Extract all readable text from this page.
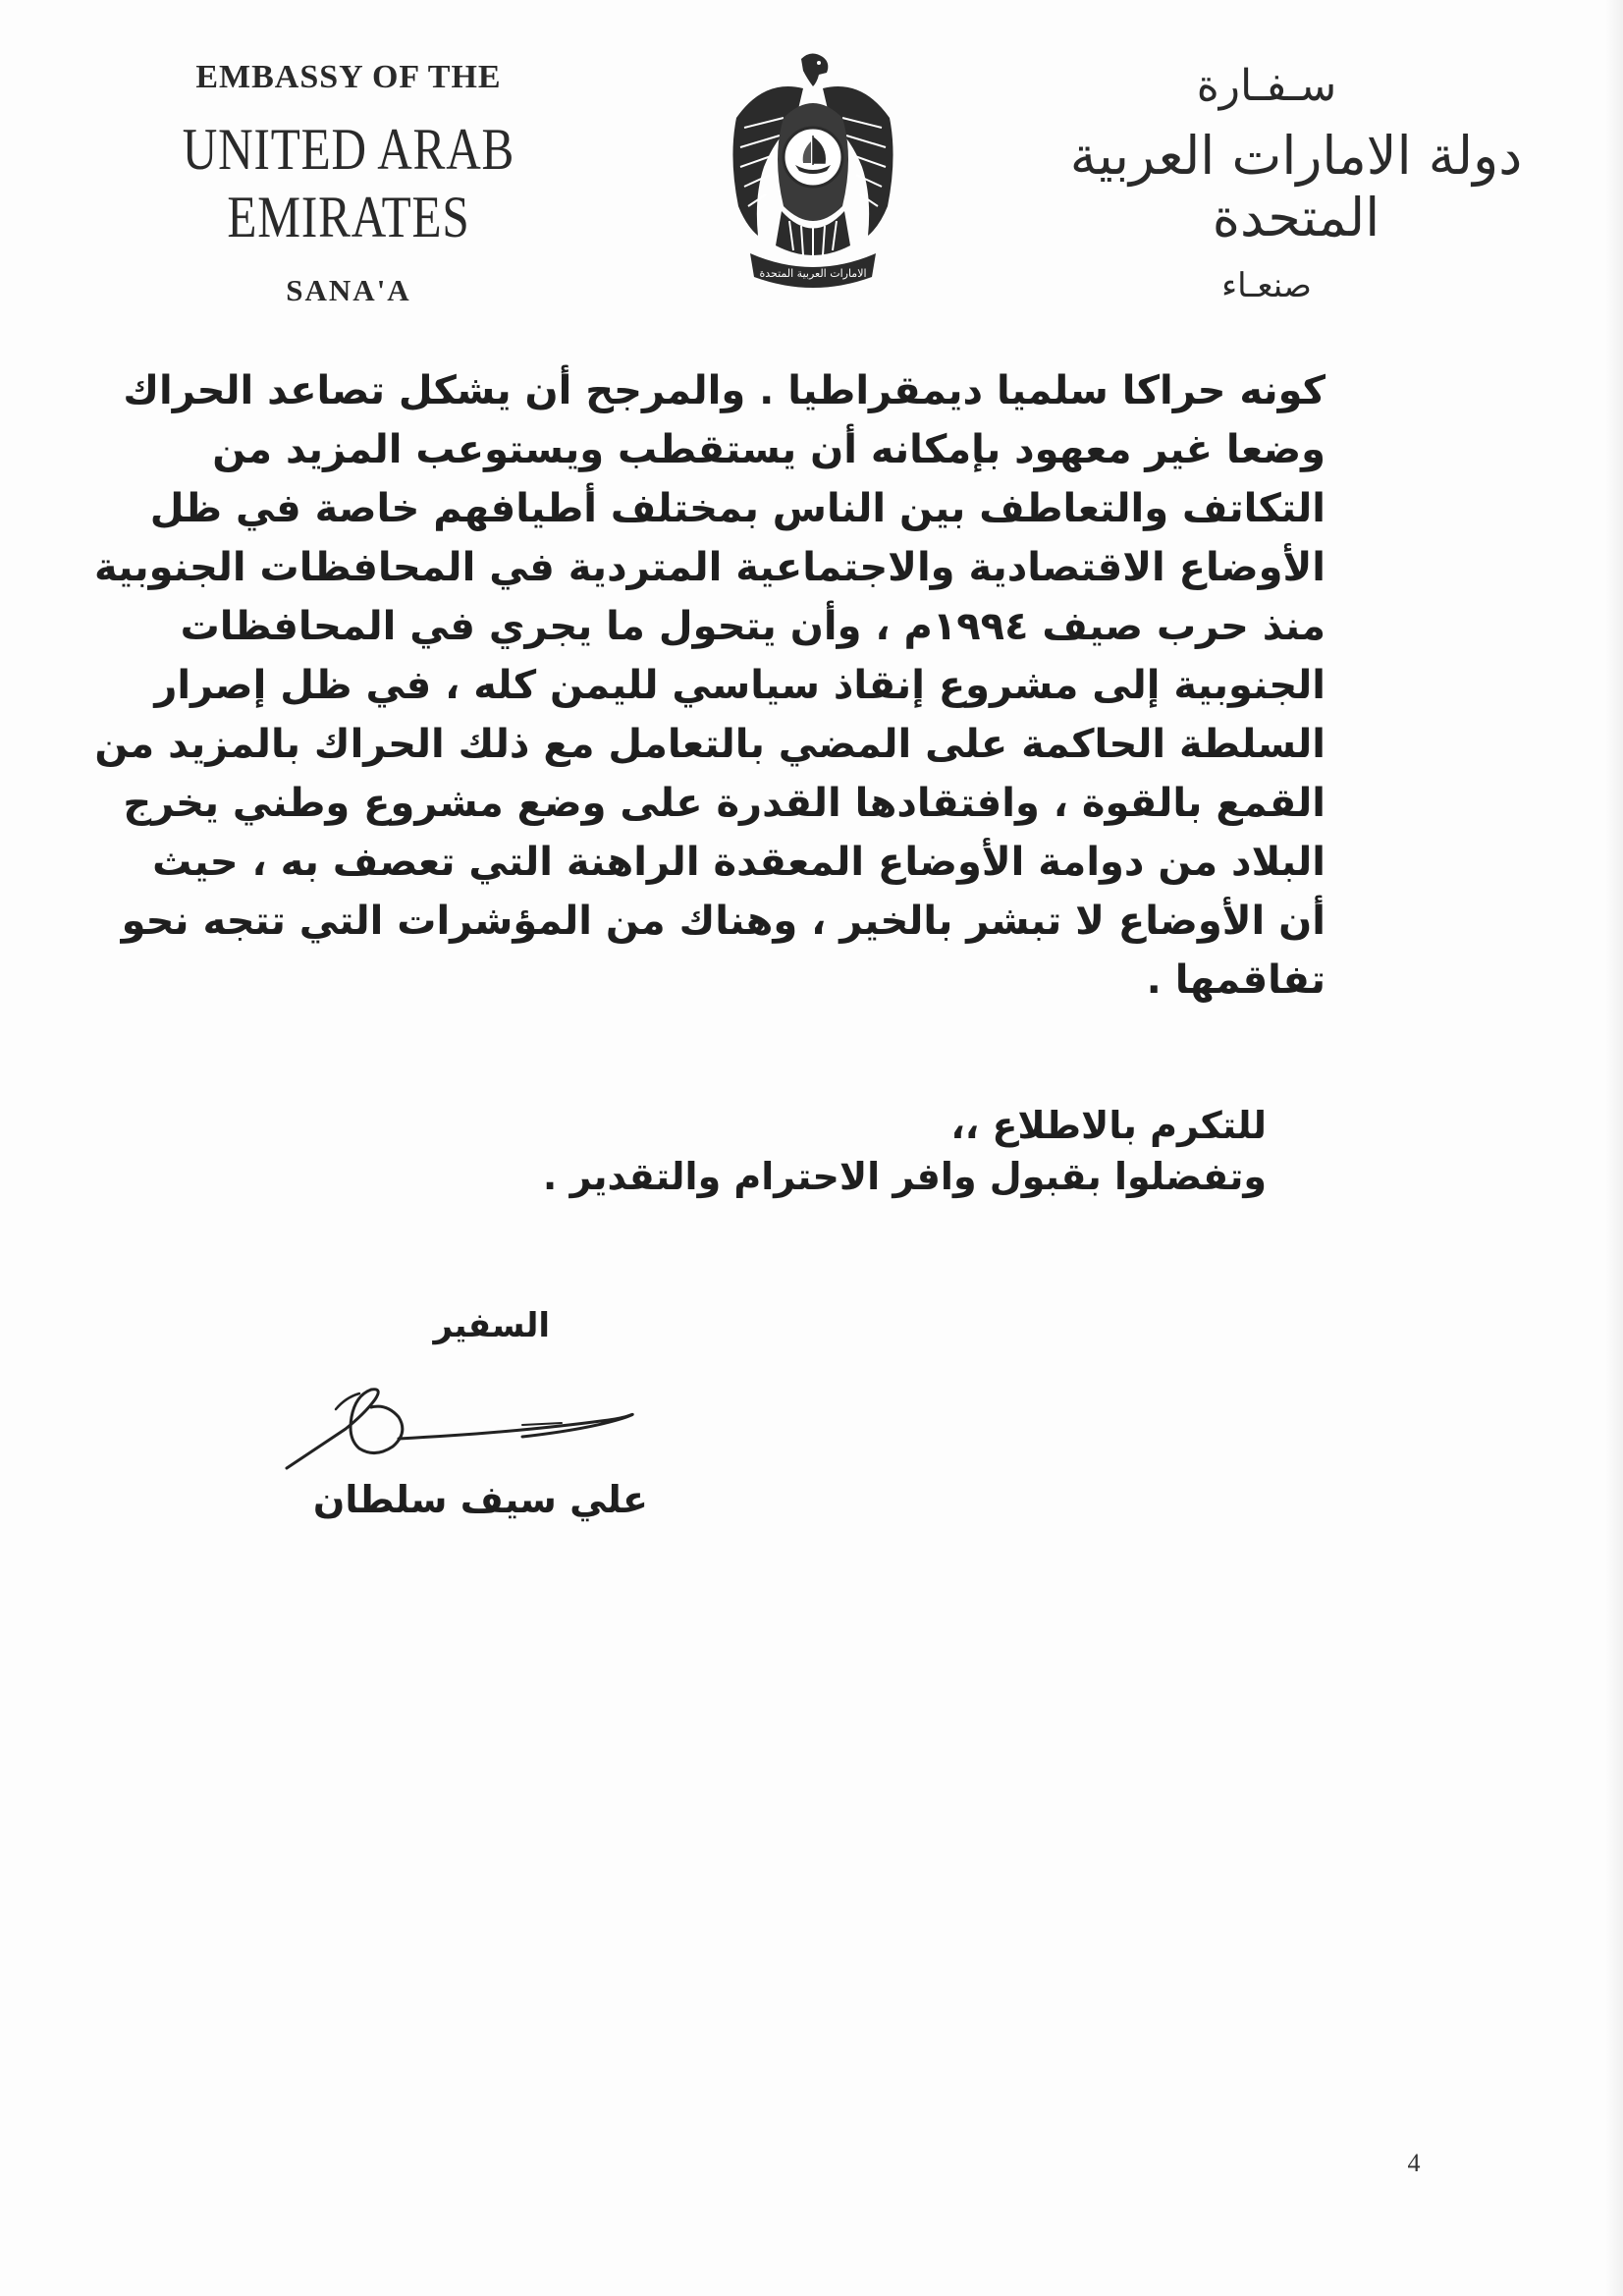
EMBASSY OF THE
UNITED ARAB EMIRATES
SANA'A	الامارات العربية المتحدة
سـفـارة
دولة الامارات العربية المتحدة
صنعـاء
كونه حراكا سلميا ديمقراطيا . والمرجح أن يشكل تصاعد الحراك
وضعا غير معهود بإمكانه أن يستقطب ويستوعب المزيد من
التكاتف والتعاطف بين الناس بمختلف أطيافهم خاصة في ظل
الأوضاع الاقتصادية والاجتماعية المتردية في المحافظات الجنوبية
منذ حرب صيف ١٩٩٤م ، وأن يتحول ما يجري في المحافظات
الجنوبية إلى مشروع إنقاذ سياسي لليمن كله ، في ظل إصرار
السلطة الحاكمة على المضي بالتعامل مع ذلك الحراك بالمزيد من
القمع بالقوة ، وافتقادها القدرة على وضع مشروع وطني يخرج
البلاد من دوامة الأوضاع المعقدة الراهنة التي تعصف به ، حيث
أن الأوضاع لا تبشر بالخير ، وهناك من المؤشرات التي تتجه نحو
تفاقمها .
للتكرم بالاطلاع ،،
وتفضلوا بقبول وافر الاحترام والتقدير .
السفير
علي سيف سلطان
4
